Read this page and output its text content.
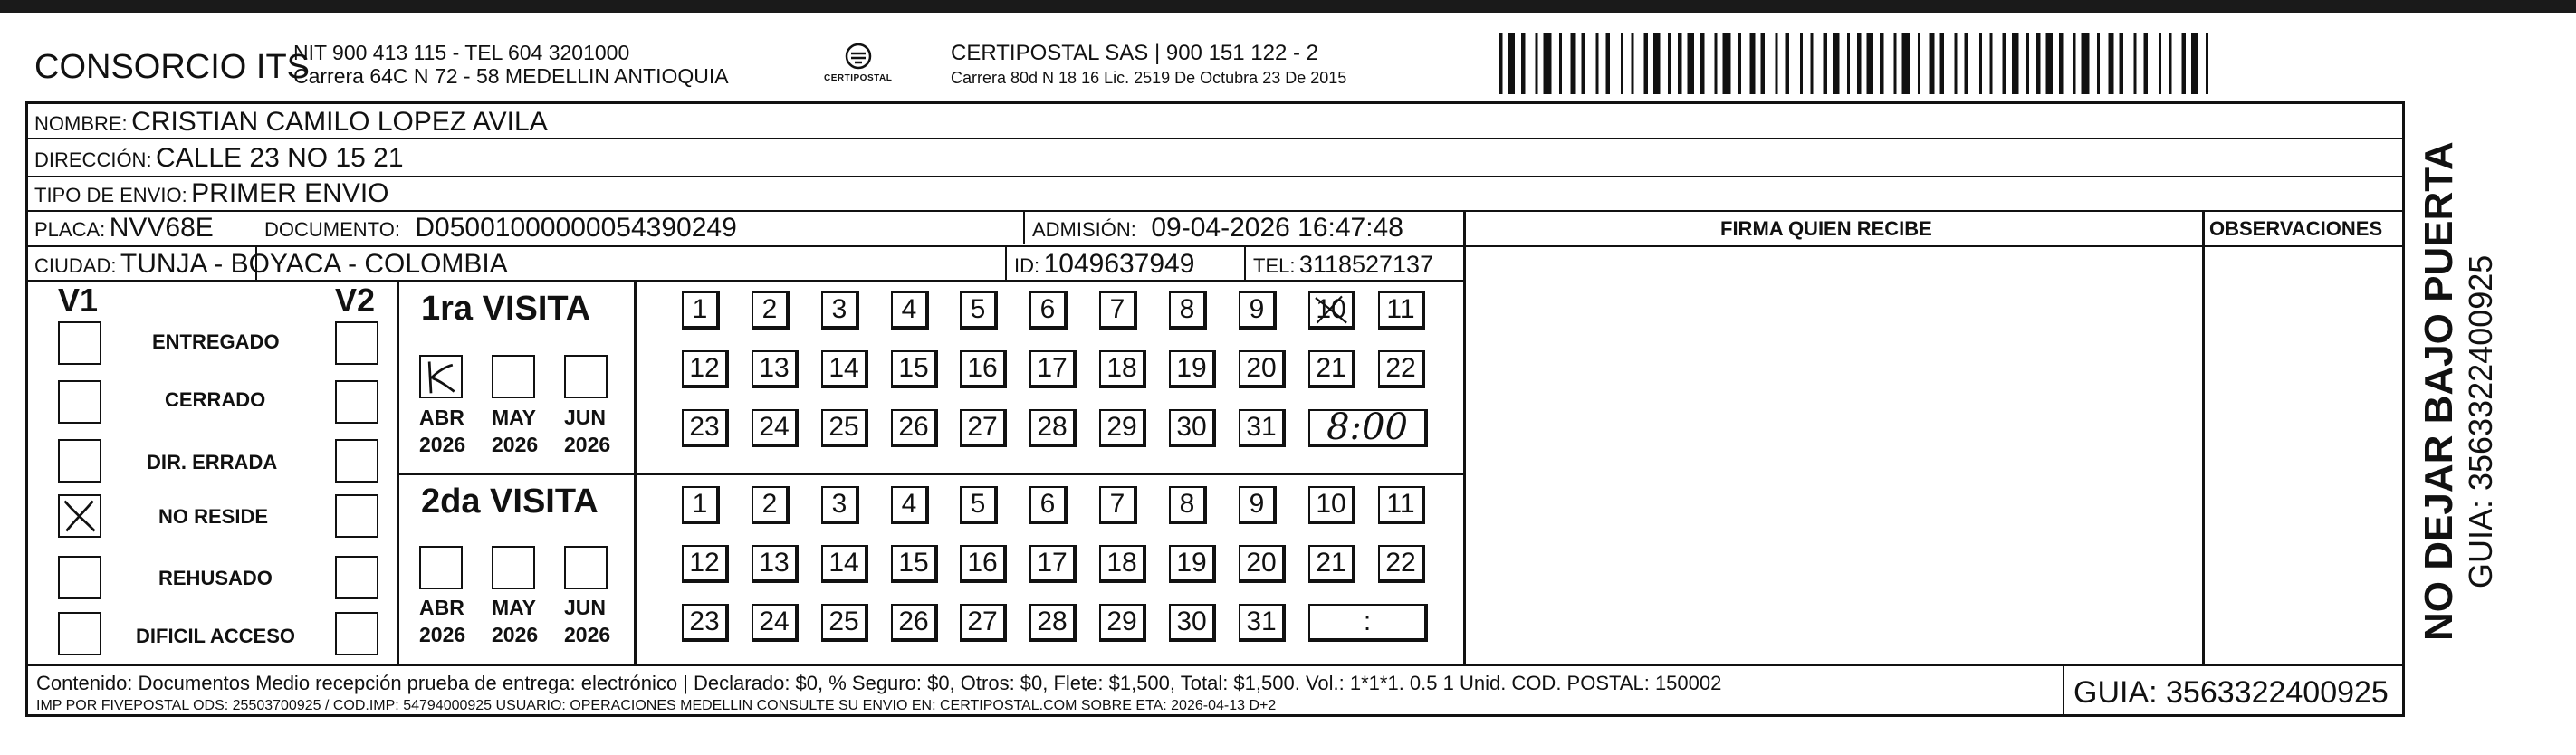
CONSORCIO ITS
NIT 900 413 115 - TEL 604 3201000
Carrera 64C N 72 - 58 MEDELLIN ANTIOQUIA	CERTIPOSTAL
CERTIPOSTAL SAS | 900 151 122 - 2
Carrera 80d N 18 16 Lic. 2519 De Octubra 23 De 2015
NOMBRE: CRISTIAN CAMILO LOPEZ AVILA
DIRECCIÓN: CALLE 23 NO 15 21
TIPO DE ENVIO: PRIMER ENVIO
PLACA: NVV68E	DOCUMENTO: D05001000000054390249	ADMISIÓN: 09-04-2026 16:47:48
CIUDAD: TUNJA - BOYACA - COLOMBIA	ID: 1049637949	TEL: 3118527137
FIRMA QUIEN RECIBE	OBSERVACIONES
V1	V2
ENTREGADO
CERRADO
DIR. ERRADA
NO RESIDE
REHUSADO
DIFICIL ACCESO
1ra VISITA
ABR MAY JUN
2026 2026 2026
1	2	3	4	5	6	7	8	9	10	11
12	13	14	15	16	17	18	19	20	21	22
23	24	25	26	27	28	29	30	31	8:00
2da VISITA
ABR MAY JUN
2026 2026 2026
1	2	3	4	5	6	7	8	9	10	11
12	13	14	15	16	17	18	19	20	21	22
23	24	25	26	27	28	29	30	31	:
Contenido: Documentos Medio recepción prueba de entrega: electrónico | Declarado: $0, % Seguro: $0, Otros: $0, Flete: $1,500, Total: $1,500. Vol.: 1*1*1. 0.5 1 Unid. COD. POSTAL: 150002
IMP POR FIVEPOSTAL ODS: 25503700925 / COD.IMP: 54794000925 USUARIO: OPERACIONES MEDELLIN CONSULTE SU ENVIO EN: CERTIPOSTAL.COM SOBRE ETA: 2026-04-13 D+2	GUIA: 3563322400925
NO DEJAR BAJO PUERTA GUIA: 3563322400925
